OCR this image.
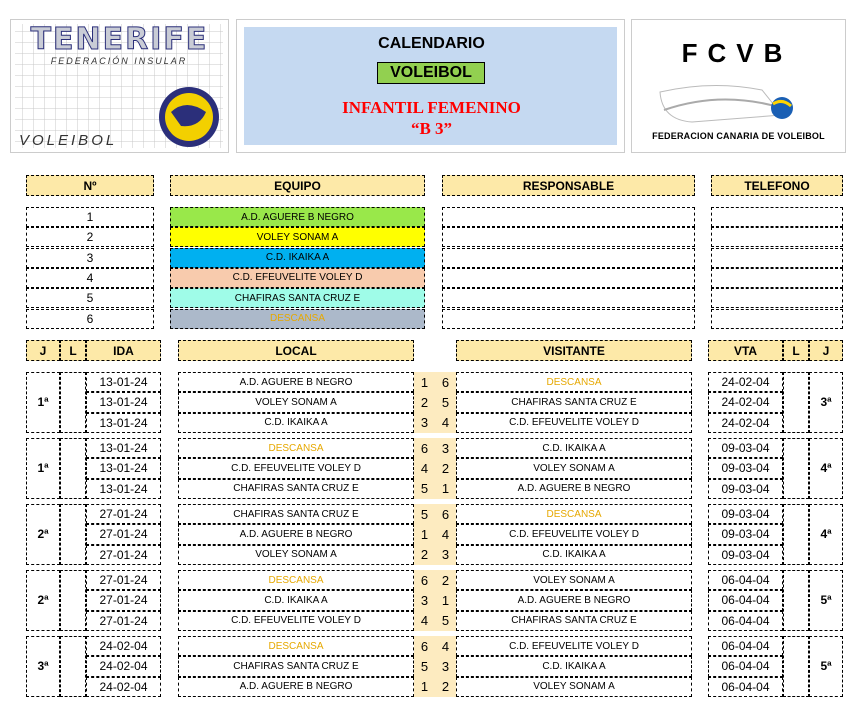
TENERIFE
FEDERACIÓN INSULAR
VOLEIBOL
CALENDARIO
VOLEIBOL
INFANTIL FEMENINO
“B 3”
FCVB
FEDERACION CANARIA DE VOLEIBOL
Nº	EQUIPO	RESPONSABLE	TELEFONO
1	A.D. AGUERE B NEGRO
2	VOLEY SONAM A
3	C.D. IKAIKA A
4	C.D. EFEUVELITE VOLEY D
5	CHAFIRAS SANTA CRUZ E
6	DESCANSA
J	L	IDA	LOCAL	VISITANTE	VTA	L	J
1ª	3ª
13-01-24	A.D. AGUERE B NEGRO	1	6	DESCANSA	24-02-04
13-01-24	VOLEY SONAM A	2	5	CHAFIRAS SANTA CRUZ E	24-02-04
13-01-24	C.D. IKAIKA A	3	4	C.D. EFEUVELITE VOLEY D	24-02-04
1ª	4ª
13-01-24	DESCANSA	6	3	C.D. IKAIKA A	09-03-04
13-01-24	C.D. EFEUVELITE VOLEY D	4	2	VOLEY SONAM A	09-03-04
13-01-24	CHAFIRAS SANTA CRUZ E	5	1	A.D. AGUERE B NEGRO	09-03-04
2ª	4ª
27-01-24	CHAFIRAS SANTA CRUZ E	5	6	DESCANSA	09-03-04
27-01-24	A.D. AGUERE B NEGRO	1	4	C.D. EFEUVELITE VOLEY D	09-03-04
27-01-24	VOLEY SONAM A	2	3	C.D. IKAIKA A	09-03-04
2ª	5ª
27-01-24	DESCANSA	6	2	VOLEY SONAM A	06-04-04
27-01-24	C.D. IKAIKA A	3	1	A.D. AGUERE B NEGRO	06-04-04
27-01-24	C.D. EFEUVELITE VOLEY D	4	5	CHAFIRAS SANTA CRUZ E	06-04-04
3ª	5ª
24-02-04	DESCANSA	6	4	C.D. EFEUVELITE VOLEY D	06-04-04
24-02-04	CHAFIRAS SANTA CRUZ E	5	3	C.D. IKAIKA A	06-04-04
24-02-04	A.D. AGUERE B NEGRO	1	2	VOLEY SONAM A	06-04-04
